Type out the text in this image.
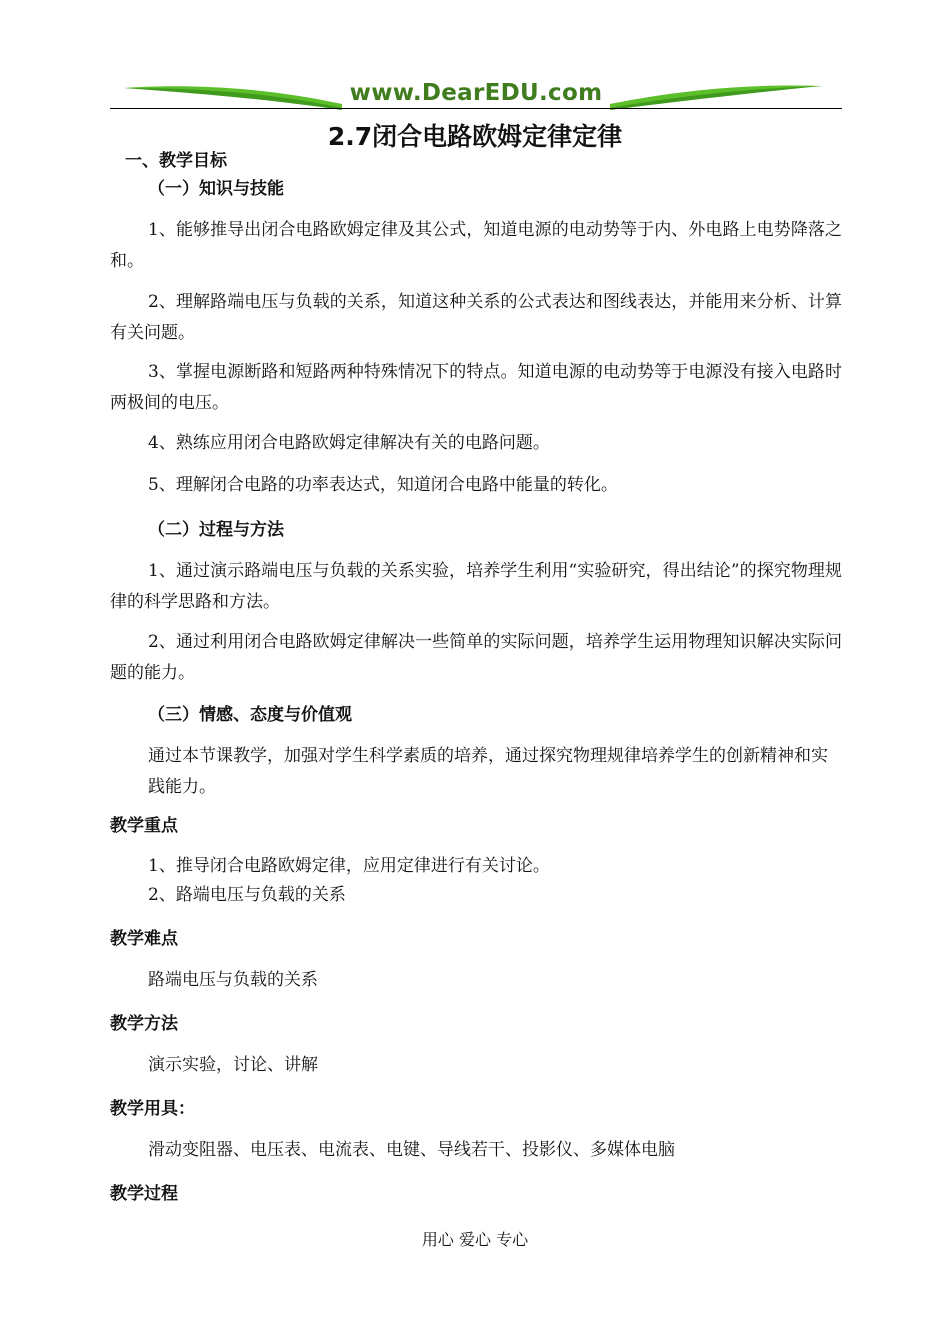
www.DearEDU.com
2.7闭合电路欧姆定律定律
一、教学目标
（一）知识与技能
1、能够推导出闭合电路欧姆定律及其公式，知道电源的电动势等于内、外电路上电势降落之和。
2、理解路端电压与负载的关系，知道这种关系的公式表达和图线表达，并能用来分析、计算有关问题。
3、掌握电源断路和短路两种特殊情况下的特点。知道电源的电动势等于电源没有接入电路时两极间的电压。
4、熟练应用闭合电路欧姆定律解决有关的电路问题。
5、理解闭合电路的功率表达式，知道闭合电路中能量的转化。
（二）过程与方法
1、通过演示路端电压与负载的关系实验，培养学生利用“实验研究，得出结论”的探究物理规律的科学思路和方法。
2、通过利用闭合电路欧姆定律解决一些简单的实际问题，培养学生运用物理知识解决实际问题的能力。
（三）情感、态度与价值观
通过本节课教学，加强对学生科学素质的培养，通过探究物理规律培养学生的创新精神和实践能力。
教学重点
1、推导闭合电路欧姆定律，应用定律进行有关讨论。
2、路端电压与负载的关系
教学难点
路端电压与负载的关系
教学方法
演示实验，讨论、讲解
教学用具：
滑动变阻器、电压表、电流表、电键、导线若干、投影仪、多媒体电脑
教学过程
用心 爱心 专心
